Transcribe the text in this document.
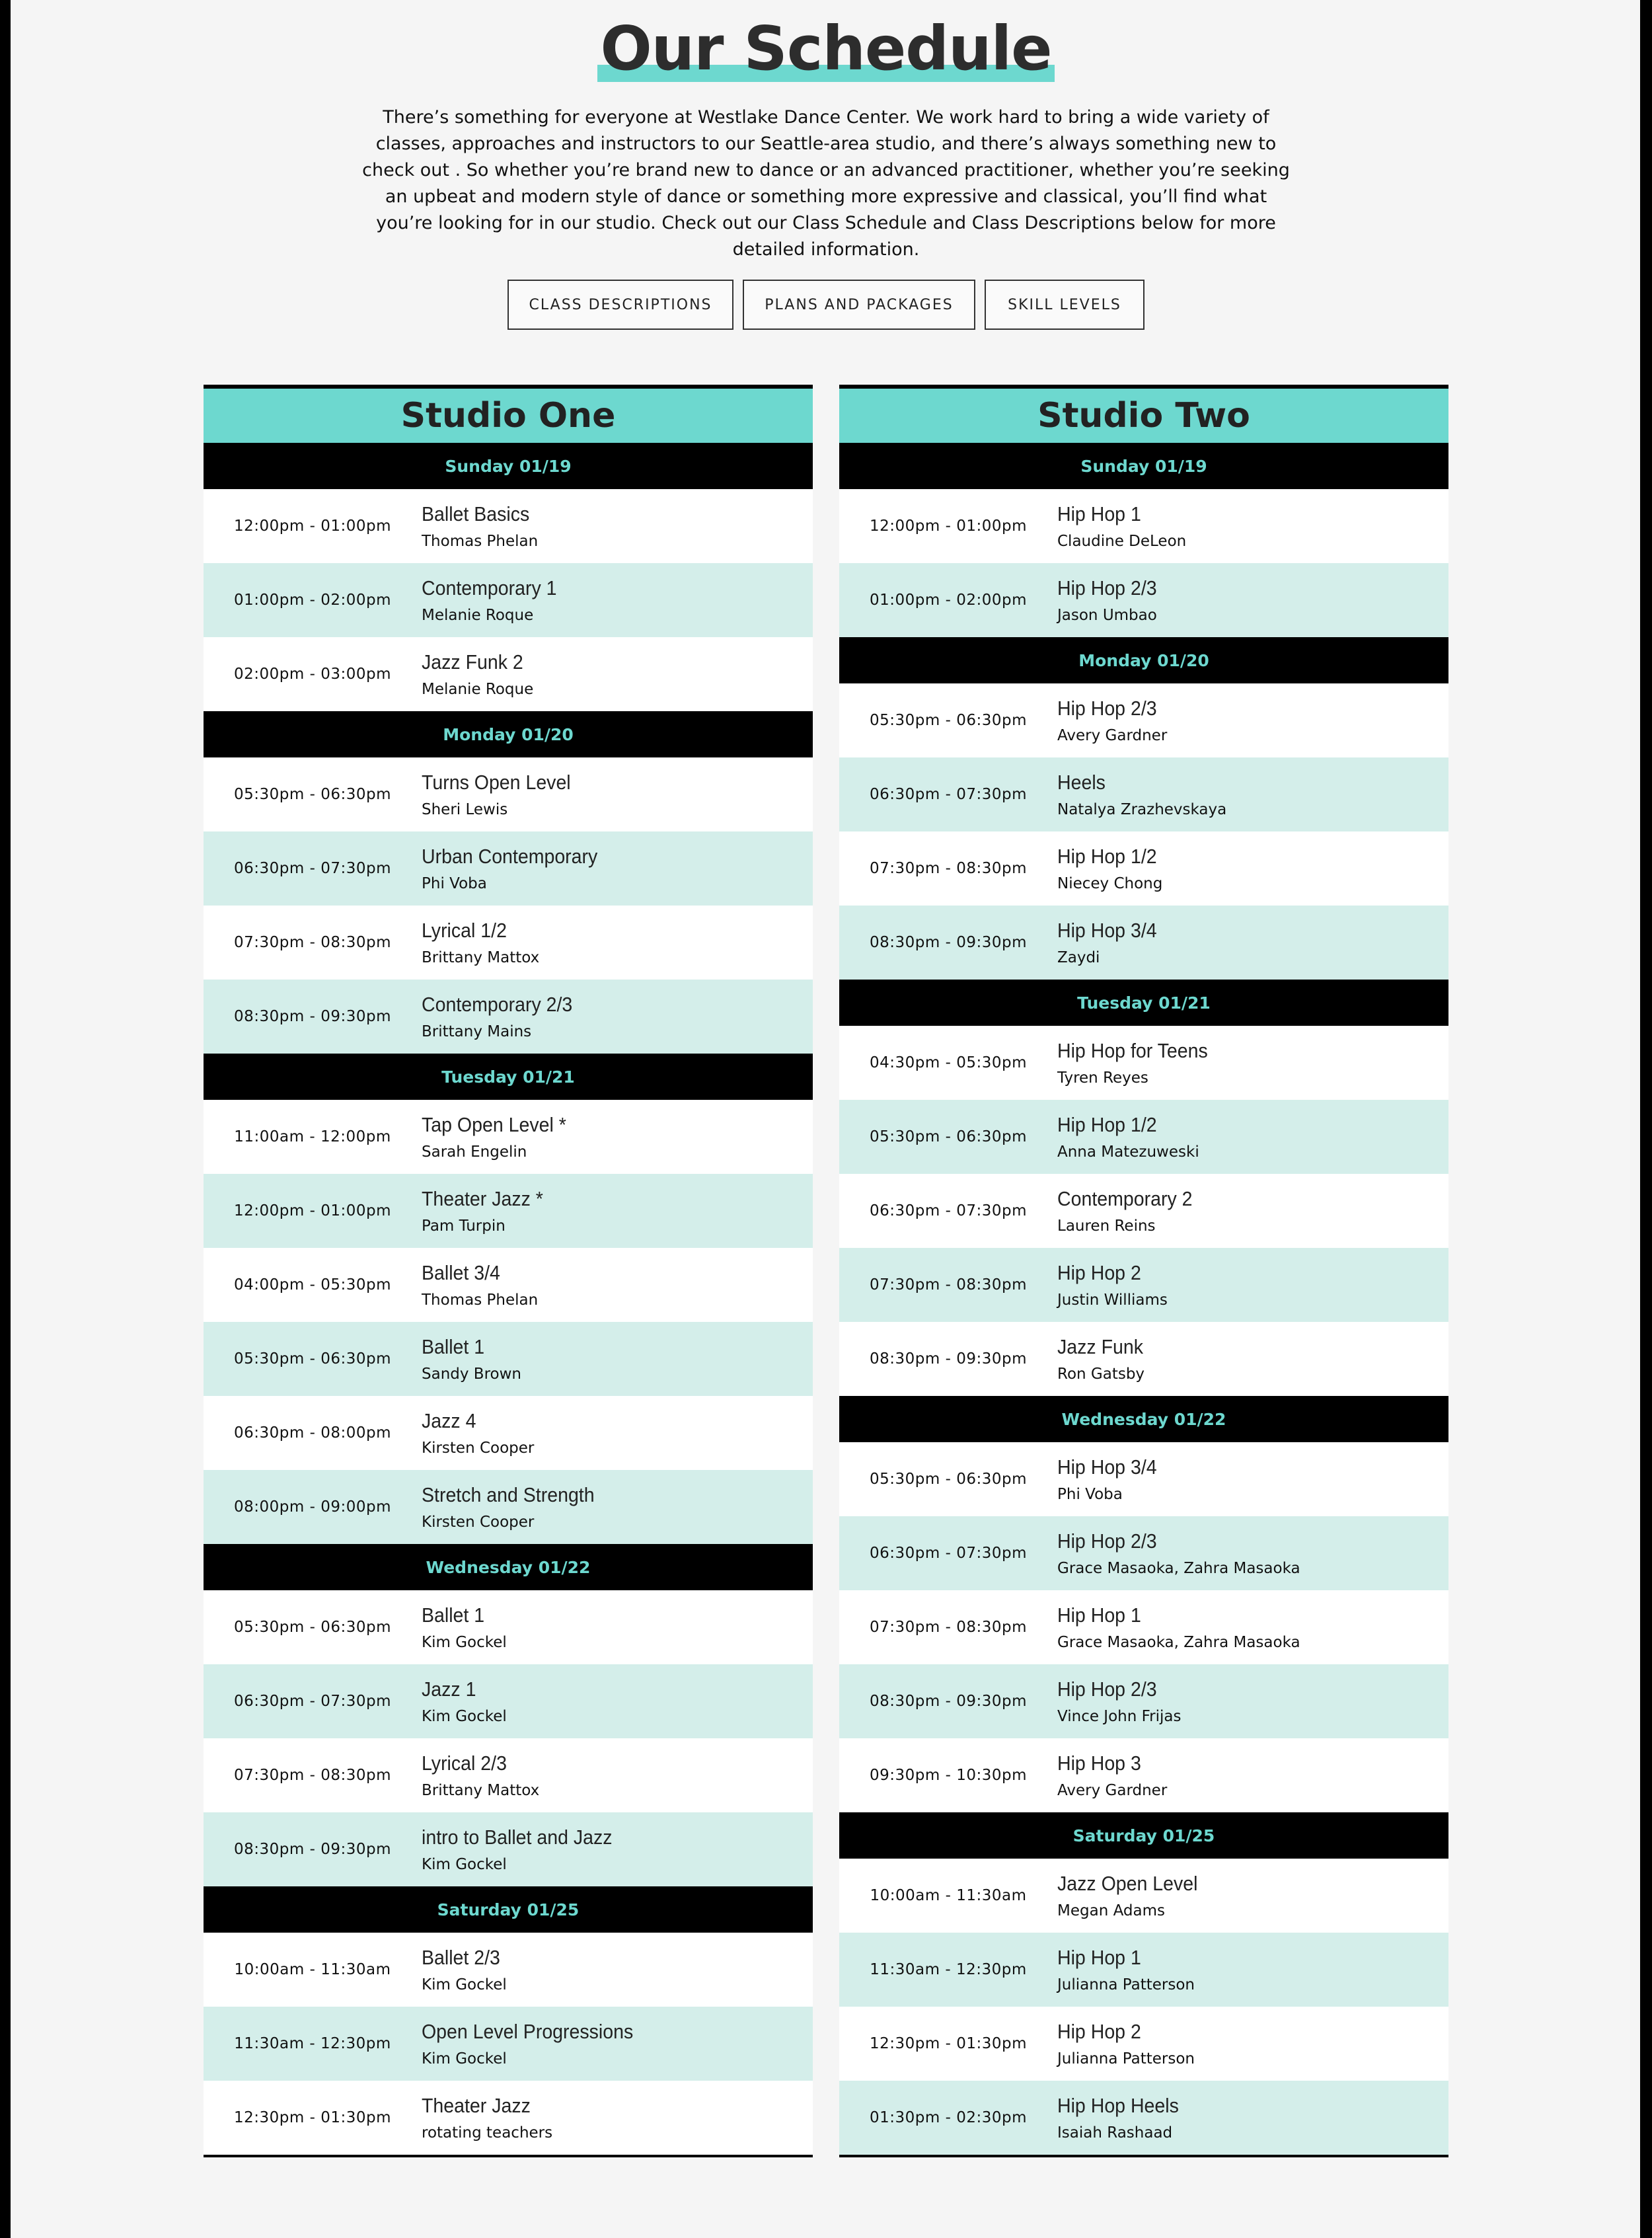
Our Schedule

There’s something for everyone at Westlake Dance Center. We work hard to bring a wide variety of classes, approaches and instructors to our Seattle-area studio, and there’s always something new to check out . So whether you’re brand new to dance or an advanced practitioner, whether you’re seeking an upbeat and modern style of dance or something more expressive and classical, you’ll find what you’re looking for in our studio. Check out our Class Schedule and Class Descriptions below for more detailed information.

CLASS DESCRIPTIONS	PLANS AND PACKAGES	SKILL LEVELS
Studio One
Sunday 01/19
12:00pm - 01:00pm
Ballet Basics
Thomas Phelan
01:00pm - 02:00pm
Contemporary 1
Melanie Roque
02:00pm - 03:00pm
Jazz Funk 2
Melanie Roque
Monday 01/20
05:30pm - 06:30pm
Turns Open Level
Sheri Lewis
06:30pm - 07:30pm
Urban Contemporary
Phi Voba
07:30pm - 08:30pm
Lyrical 1/2
Brittany Mattox
08:30pm - 09:30pm
Contemporary 2/3
Brittany Mains
Tuesday 01/21
11:00am - 12:00pm
Tap Open Level *
Sarah Engelin
12:00pm - 01:00pm
Theater Jazz *
Pam Turpin
04:00pm - 05:30pm
Ballet 3/4
Thomas Phelan
05:30pm - 06:30pm
Ballet 1
Sandy Brown
06:30pm - 08:00pm
Jazz 4
Kirsten Cooper
08:00pm - 09:00pm
Stretch and Strength
Kirsten Cooper
Wednesday 01/22
05:30pm - 06:30pm
Ballet 1
Kim Gockel
06:30pm - 07:30pm
Jazz 1
Kim Gockel
07:30pm - 08:30pm
Lyrical 2/3
Brittany Mattox
08:30pm - 09:30pm
intro to Ballet and Jazz
Kim Gockel
Saturday 01/25
10:00am - 11:30am
Ballet 2/3
Kim Gockel
11:30am - 12:30pm
Open Level Progressions
Kim Gockel
12:30pm - 01:30pm
Theater Jazz
rotating teachers
Studio Two
Sunday 01/19
12:00pm - 01:00pm
Hip Hop 1
Claudine DeLeon
01:00pm - 02:00pm
Hip Hop 2/3
Jason Umbao
Monday 01/20
05:30pm - 06:30pm
Hip Hop 2/3
Avery Gardner
06:30pm - 07:30pm
Heels
Natalya Zrazhevskaya
07:30pm - 08:30pm
Hip Hop 1/2
Niecey Chong
08:30pm - 09:30pm
Hip Hop 3/4
Zaydi
Tuesday 01/21
04:30pm - 05:30pm
Hip Hop for Teens
Tyren Reyes
05:30pm - 06:30pm
Hip Hop 1/2
Anna Matezuweski
06:30pm - 07:30pm
Contemporary 2
Lauren Reins
07:30pm - 08:30pm
Hip Hop 2
Justin Williams
08:30pm - 09:30pm
Jazz Funk
Ron Gatsby
Wednesday 01/22
05:30pm - 06:30pm
Hip Hop 3/4
Phi Voba
06:30pm - 07:30pm
Hip Hop 2/3
Grace Masaoka, Zahra Masaoka
07:30pm - 08:30pm
Hip Hop 1
Grace Masaoka, Zahra Masaoka
08:30pm - 09:30pm
Hip Hop 2/3
Vince John Frijas
09:30pm - 10:30pm
Hip Hop 3
Avery Gardner
Saturday 01/25
10:00am - 11:30am
Jazz Open Level
Megan Adams
11:30am - 12:30pm
Hip Hop 1
Julianna Patterson
12:30pm - 01:30pm
Hip Hop 2
Julianna Patterson
01:30pm - 02:30pm
Hip Hop Heels
Isaiah Rashaad
